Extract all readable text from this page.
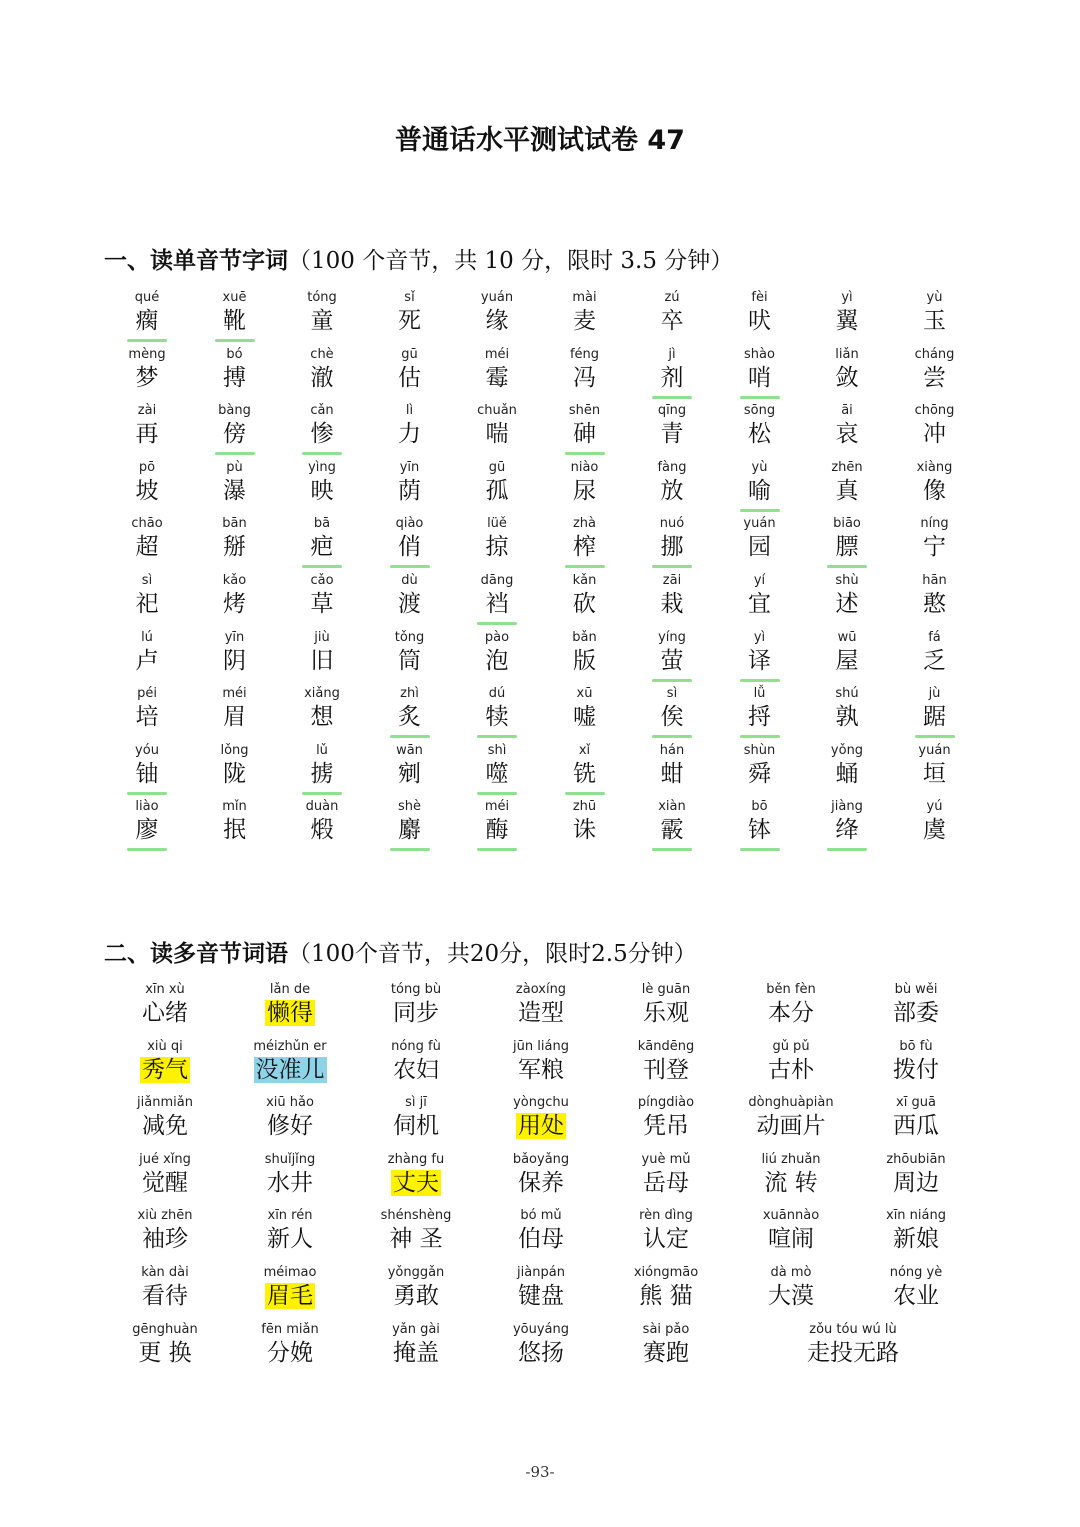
普通话水平测试试卷 47
一、读单音节字词（100 个音节，共 10 分，限时 3.5 分钟）
qué
瘸
xuē
靴
tóng
童
sǐ
死
yuán
缘
mài
麦
zú
卒
fèi
吠
yì
翼
yù
玉
mèng
梦
bó
搏
chè
澈
gū
估
méi
霉
féng
冯
jì
剂
shào
哨
liǎn
敛
cháng
尝
zài
再
bàng
傍
cǎn
惨
lì
力
chuǎn
喘
shēn
砷
qīng
青
sōng
松
āi
哀
chōng
冲
pō
坡
pù
瀑
yìng
映
yīn
荫
gū
孤
niào
尿
fàng
放
yù
喻
zhēn
真
xiàng
像
chāo
超
bān
掰
bā
疤
qiào
俏
lüě
掠
zhà
榨
nuó
挪
yuán
园
biāo
膘
níng
宁
sì
祀
kǎo
烤
cǎo
草
dù
渡
dāng
裆
kǎn
砍
zāi
栽
yí
宜
shù
述
hān
憨
lú
卢
yīn
阴
jiù
旧
tǒng
筒
pào
泡
bǎn
版
yíng
萤
yì
译
wū
屋
fá
乏
péi
培
méi
眉
xiǎng
想
zhì
炙
dú
犊
xū
嘘
sì
俟
lǚ
捋
shú
孰
jù
踞
yóu
铀
lǒng
陇
lǔ
掳
wān
剜
shì
噬
xǐ
铣
hán
蚶
shùn
舜
yǒng
蛹
yuán
垣
liào
廖
mǐn
抿
duàn
煅
shè
麝
méi
酶
zhū
诛
xiàn
霰
bō
钵
jiàng
绛
yú
虞
二、读多音节词语（100个音节，共20分，限时2.5分钟）
xīn xù
心绪
lǎn de
懒得
tóng bù
同步
zàoxíng
造型
lè guān
乐观
běn fèn
本分
bù wěi
部委
xiù qi
秀气
méizhǔn er
没准儿
nóng fù
农妇
jūn liáng
军粮
kāndēng
刊登
gǔ pǔ
古朴
bō fù
拨付
jiǎnmiǎn
减免
xiū hǎo
修好
sì jī
伺机
yòngchu
用处
píngdiào
凭吊
dònghuàpiàn
动画片
xī guā
西瓜
jué xǐng
觉醒
shuǐjǐng
水井
zhàng fu
丈夫
bǎoyǎng
保养
yuè mǔ
岳母
liú zhuǎn
流 转
zhōubiān
周边
xiù zhēn
袖珍
xīn rén
新人
shénshèng
神 圣
bó mǔ
伯母
rèn dìng
认定
xuānnào
喧闹
xīn niáng
新娘
kàn dài
看待
méimao
眉毛
yǒnggǎn
勇敢
jiànpán
键盘
xióngmāo
熊 猫
dà mò
大漠
nóng yè
农业
gēnghuàn
更 换
fēn miǎn
分娩
yǎn gài
掩盖
yōuyáng
悠扬
sài pǎo
赛跑
zǒu tóu wú lù
走投无路
-93-
